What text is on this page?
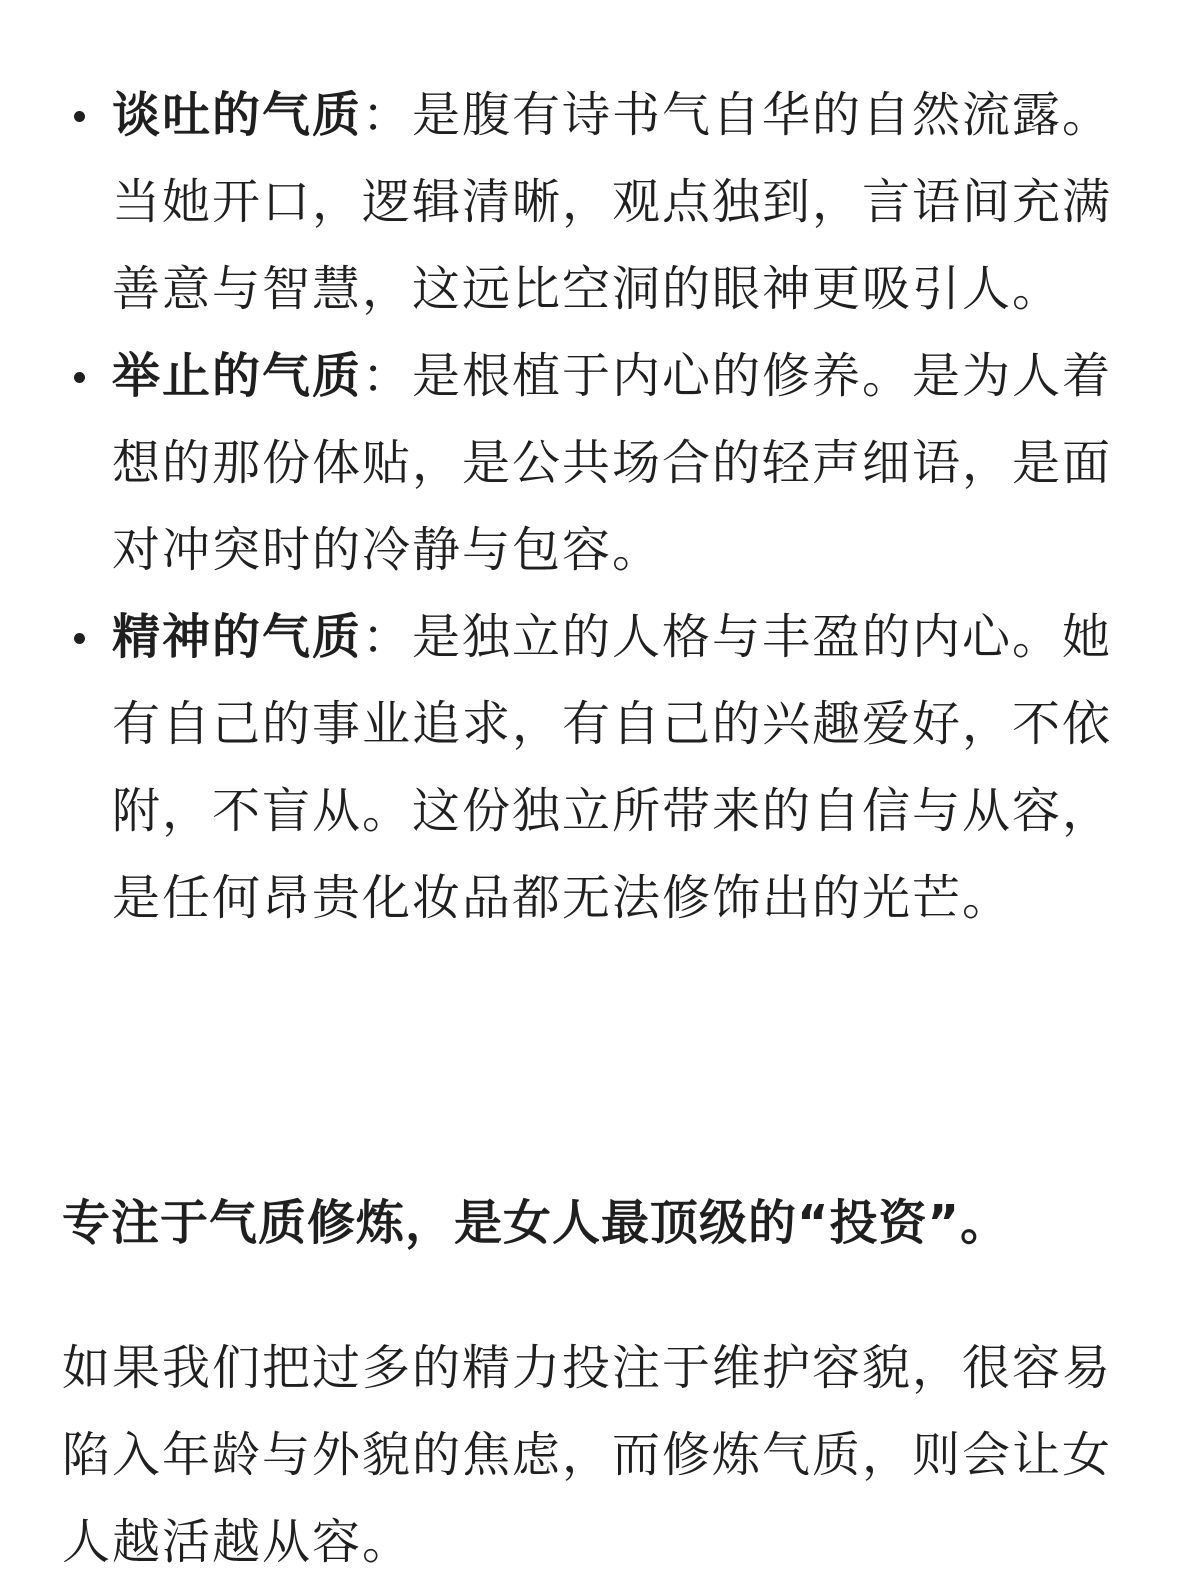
谈吐的气质：是腹有诗书气自华的自然流露。当她开口，逻辑清晰，观点独到，言语间充满善意与智慧，这远比空洞的眼神更吸引人。
举止的气质：是根植于内心的修养。是为人着想的那份体贴，是公共场合的轻声细语，是面对冲突时的冷静与包容。
精神的气质：是独立的人格与丰盈的内心。她有自己的事业追求，有自己的兴趣爱好，不依附，不盲从。这份独立所带来的自信与从容，是任何昂贵化妆品都无法修饰出的光芒。

专注于气质修炼，是女人最顶级的“投资”。

如果我们把过多的精力投注于维护容貌，很容易陷入年龄与外貌的焦虑，而修炼气质，则会让女人越活越从容。
